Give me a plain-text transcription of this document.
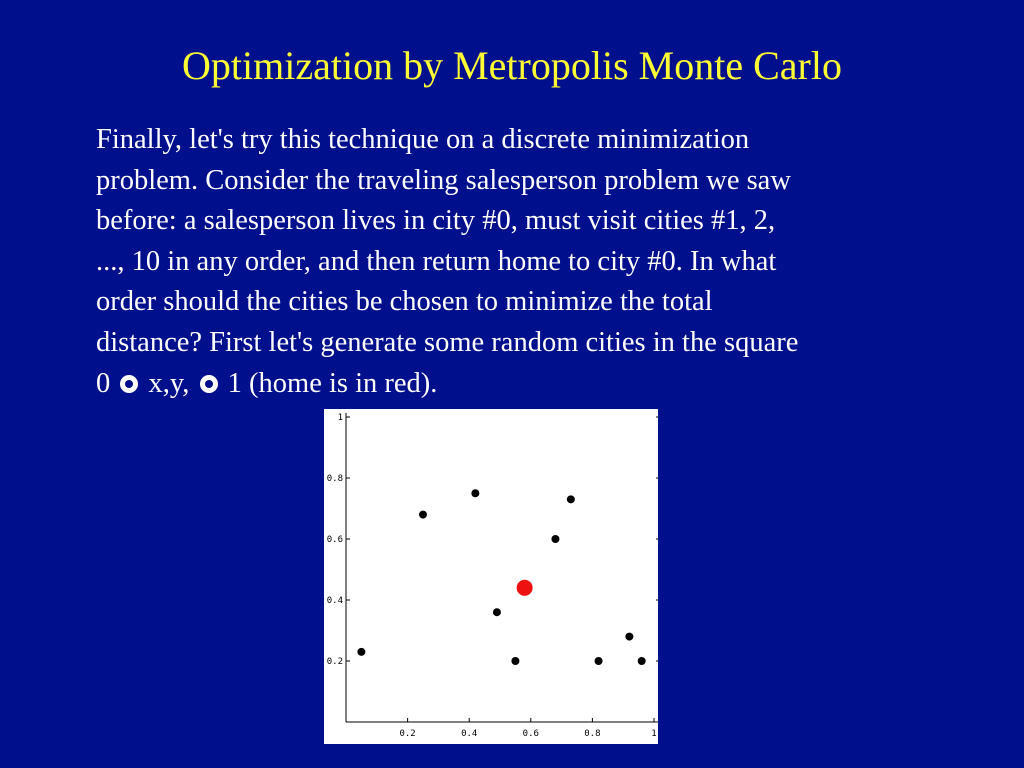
Optimization by Metropolis Monte Carlo
Finally, let's try this technique on a discrete minimization
problem. Consider the traveling salesperson problem we saw
before: a salesperson lives in city #0, must visit cities #1, 2,
..., 10 in any order, and then return home to city #0. In what
order should the cities be chosen to minimize the total
distance? First let's generate some random cities in the square
0  x,y,  1 (home is in red).
0.2	0.4	0.6	0.8	1
0.2
0.4
0.6
0.8
1
